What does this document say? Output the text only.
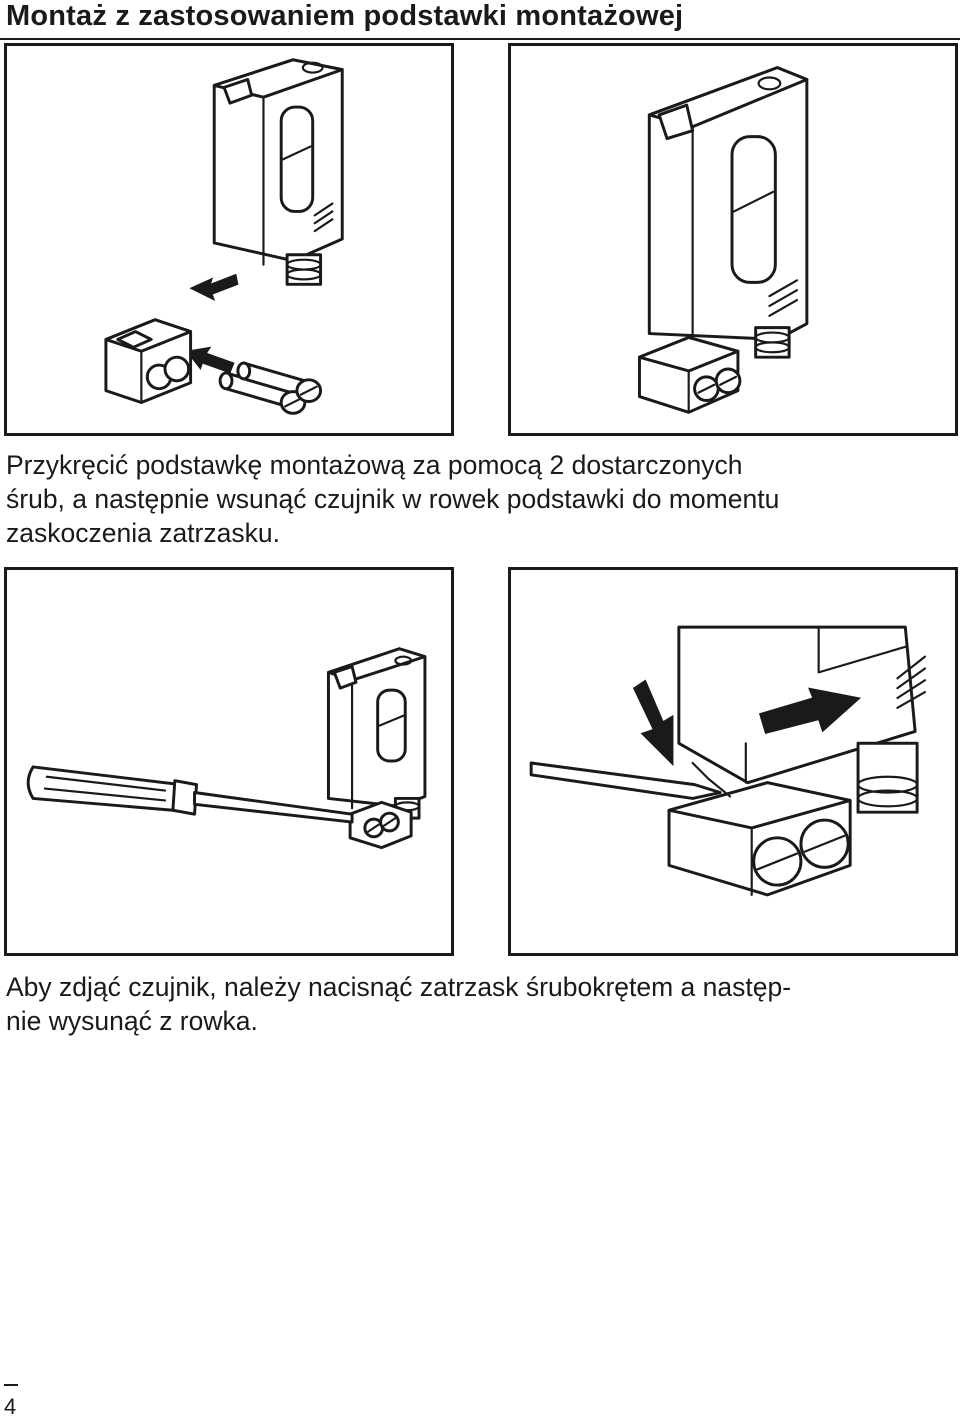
Montaż z zastosowaniem podstawki montażowej
Przykręcić podstawkę montażową za pomocą 2 dostarczonych
śrub, a następnie wsunąć czujnik w rowek podstawki do momentu
zaskoczenia zatrzasku.
Aby zdjąć czujnik, należy nacisnąć zatrzask śrubokrętem a następ-
nie wysunąć z rowka.
4
